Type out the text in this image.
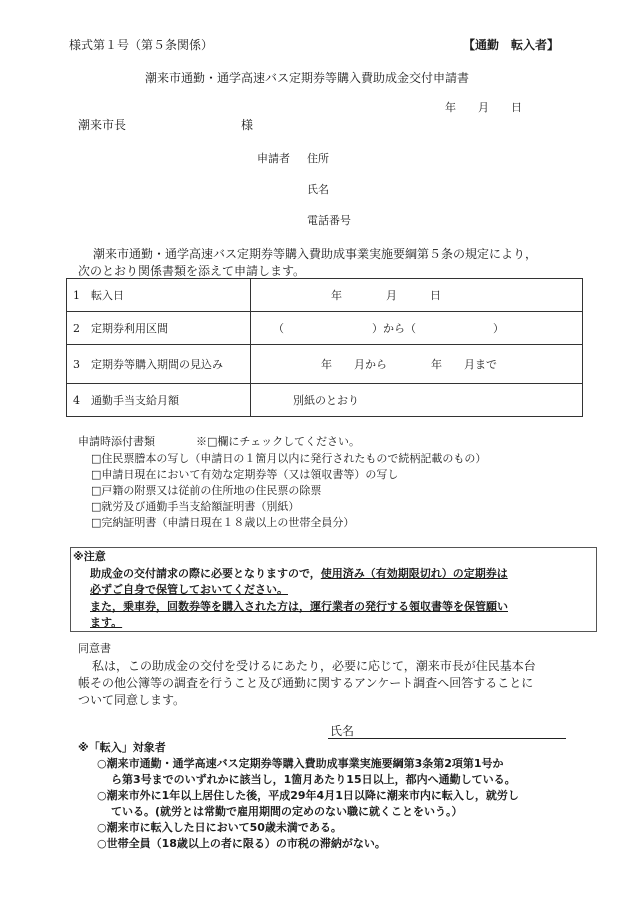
様式第１号（第５条関係）	【通勤　転入者】
潮来市通勤・通学高速バス定期券等購入費助成金交付申請書
年　　月　　日
潮来市長	様
申請者 住所
氏名
電話番号
潮来市通勤・通学高速バス定期券等購入費助成事業実施要綱第５条の規定により，
次のとおり関係書類を添えて申請します。
1　転入日	年　　　　月　　　日
2　定期券利用区間	（　　　　　　　　）から（　　　　　　　）
3　定期券等購入期間の見込み	年　　月から　　　　年　　月まで
4　通勤手当支給月額	別紙のとおり
申請時添付書類	※□欄にチェックしてください。
□住民票謄本の写し（申請日の１箇月以内に発行されたもので続柄記載のもの）
□申請日現在において有効な定期券等（又は領収書等）の写し
□戸籍の附票又は従前の住所地の住民票の除票
□就労及び通勤手当支給額証明書（別紙）
□完納証明書（申請日現在１８歳以上の世帯全員分）
※注意
助成金の交付請求の際に必要となりますので，使用済み（有効期限切れ）の定期券は
必ずご自身で保管しておいてください。
また，乗車券，回数券等を購入された方は，運行業者の発行する領収書等を保管願い
ます。
同意書
私は，この助成金の交付を受けるにあたり，必要に応じて，潮来市長が住民基本台
帳その他公簿等の調査を行うこと及び通勤に関するアンケート調査へ回答することに
ついて同意します。
氏名
※「転入」対象者
○潮来市通勤・通学高速バス定期券等購入費助成事業実施要綱第3条第2項第1号か
ら第3号までのいずれかに該当し，1箇月あたり15日以上，都内へ通勤している。
○潮来市外に1年以上居住した後，平成29年4月1日以降に潮来市内に転入し，就労し
ている。(就労とは常勤で雇用期間の定めのない職に就くことをいう。）
○潮来市に転入した日において50歳未満である。
○世帯全員（18歳以上の者に限る）の市税の滞納がない。
